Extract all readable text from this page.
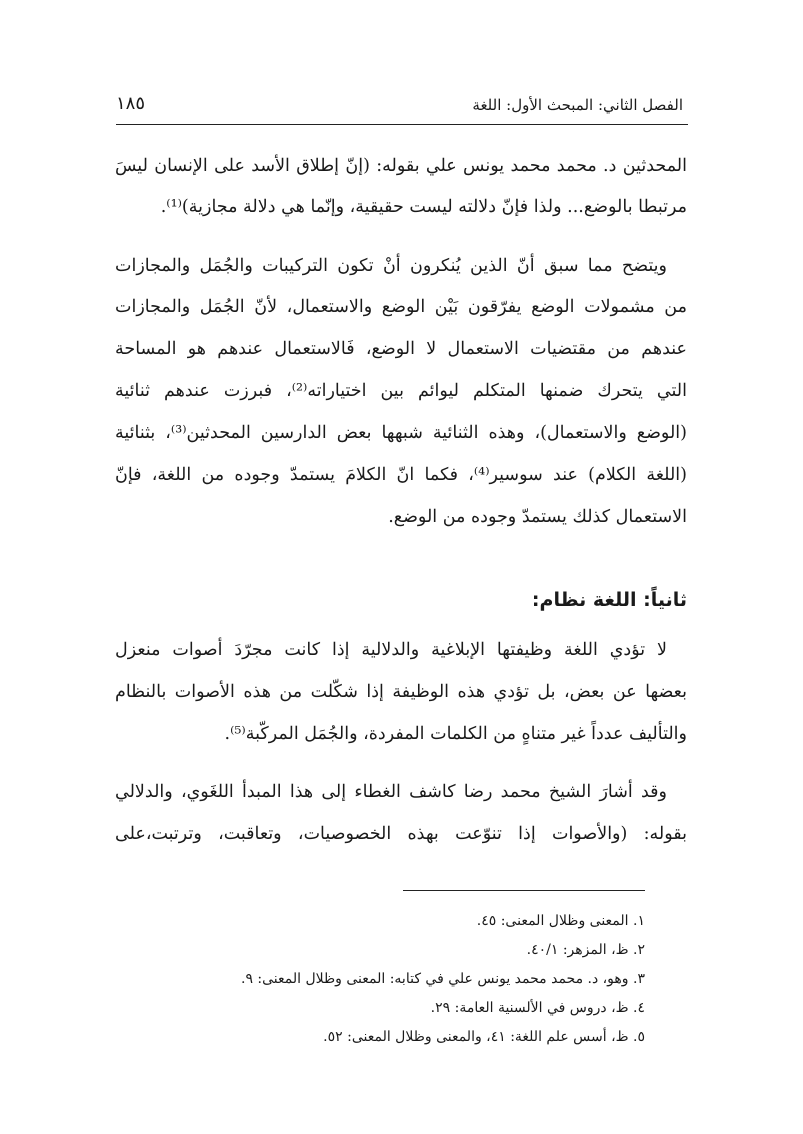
الفصل الثاني: المبحث الأول: اللغة
١٨٥
المحدثين د. محمد محمد يونس علي بقوله: (إنّ إطلاق الأسد على الإنسان ليسَ
مرتبطا بالوضع... ولذا فإنّ دلالته ليست حقيقية، وإنّما هي دلالة مجازية)⁽¹⁾.
ويتضح مما سبق أنّ الذين يُنكرون أنْ تكون التركيبات والجُمَل والمجازات
من مشمولات الوضع يفرّقون بَيْن الوضع والاستعمال، لأنّ الجُمَل والمجازات
عندهم من مقتضيات الاستعمال لا الوضع، فَالاستعمال عندهم هو المساحة
التي يتحرك ضمنها المتكلم ليوائم بين اختياراته⁽²⁾، فبرزت عندهم ثنائية
(الوضع والاستعمال)، وهذه الثنائية شبهها بعض الدارسين المحدثين⁽³⁾، بثنائية
(اللغة الكلام) عند سوسير⁽⁴⁾، فكما انّ الكلامَ يستمدّ وجوده من اللغة، فإنّ
الاستعمال كذلك يستمدّ وجوده من الوضع.
ثانياً: اللغة نظام:
لا تؤدي اللغة وظيفتها الإبلاغية والدلالية إذا كانت مجرّدَ أصوات منعزل
بعضها عن بعض، بل تؤدي هذه الوظيفة إذا شكّلت من هذه الأصوات بالنظام
والتأليف عدداً غير متناهٍ من الكلمات المفردة، والجُمَل المركّبة⁽⁵⁾.
وقد أشارَ الشيخ محمد رضا كاشف الغطاء إلى هذا المبدأ اللغَوي، والدلالي
بقوله: (والأصوات إذا تنوّعت بهذه الخصوصيات، وتعاقبت، وترتبت،على
١. المعنى وظلال المعنى: ٤٥.
٢. ظ، المزهر: ٤٠/١.
٣. وهو، د. محمد محمد يونس علي في كتابه: المعنى وظلال المعنى: ٩.
٤. ظ، دروس في الألسنية العامة: ٢٩.
٥. ظ، أسس علم اللغة: ٤١، والمعنى وظلال المعنى: ٥٢.
